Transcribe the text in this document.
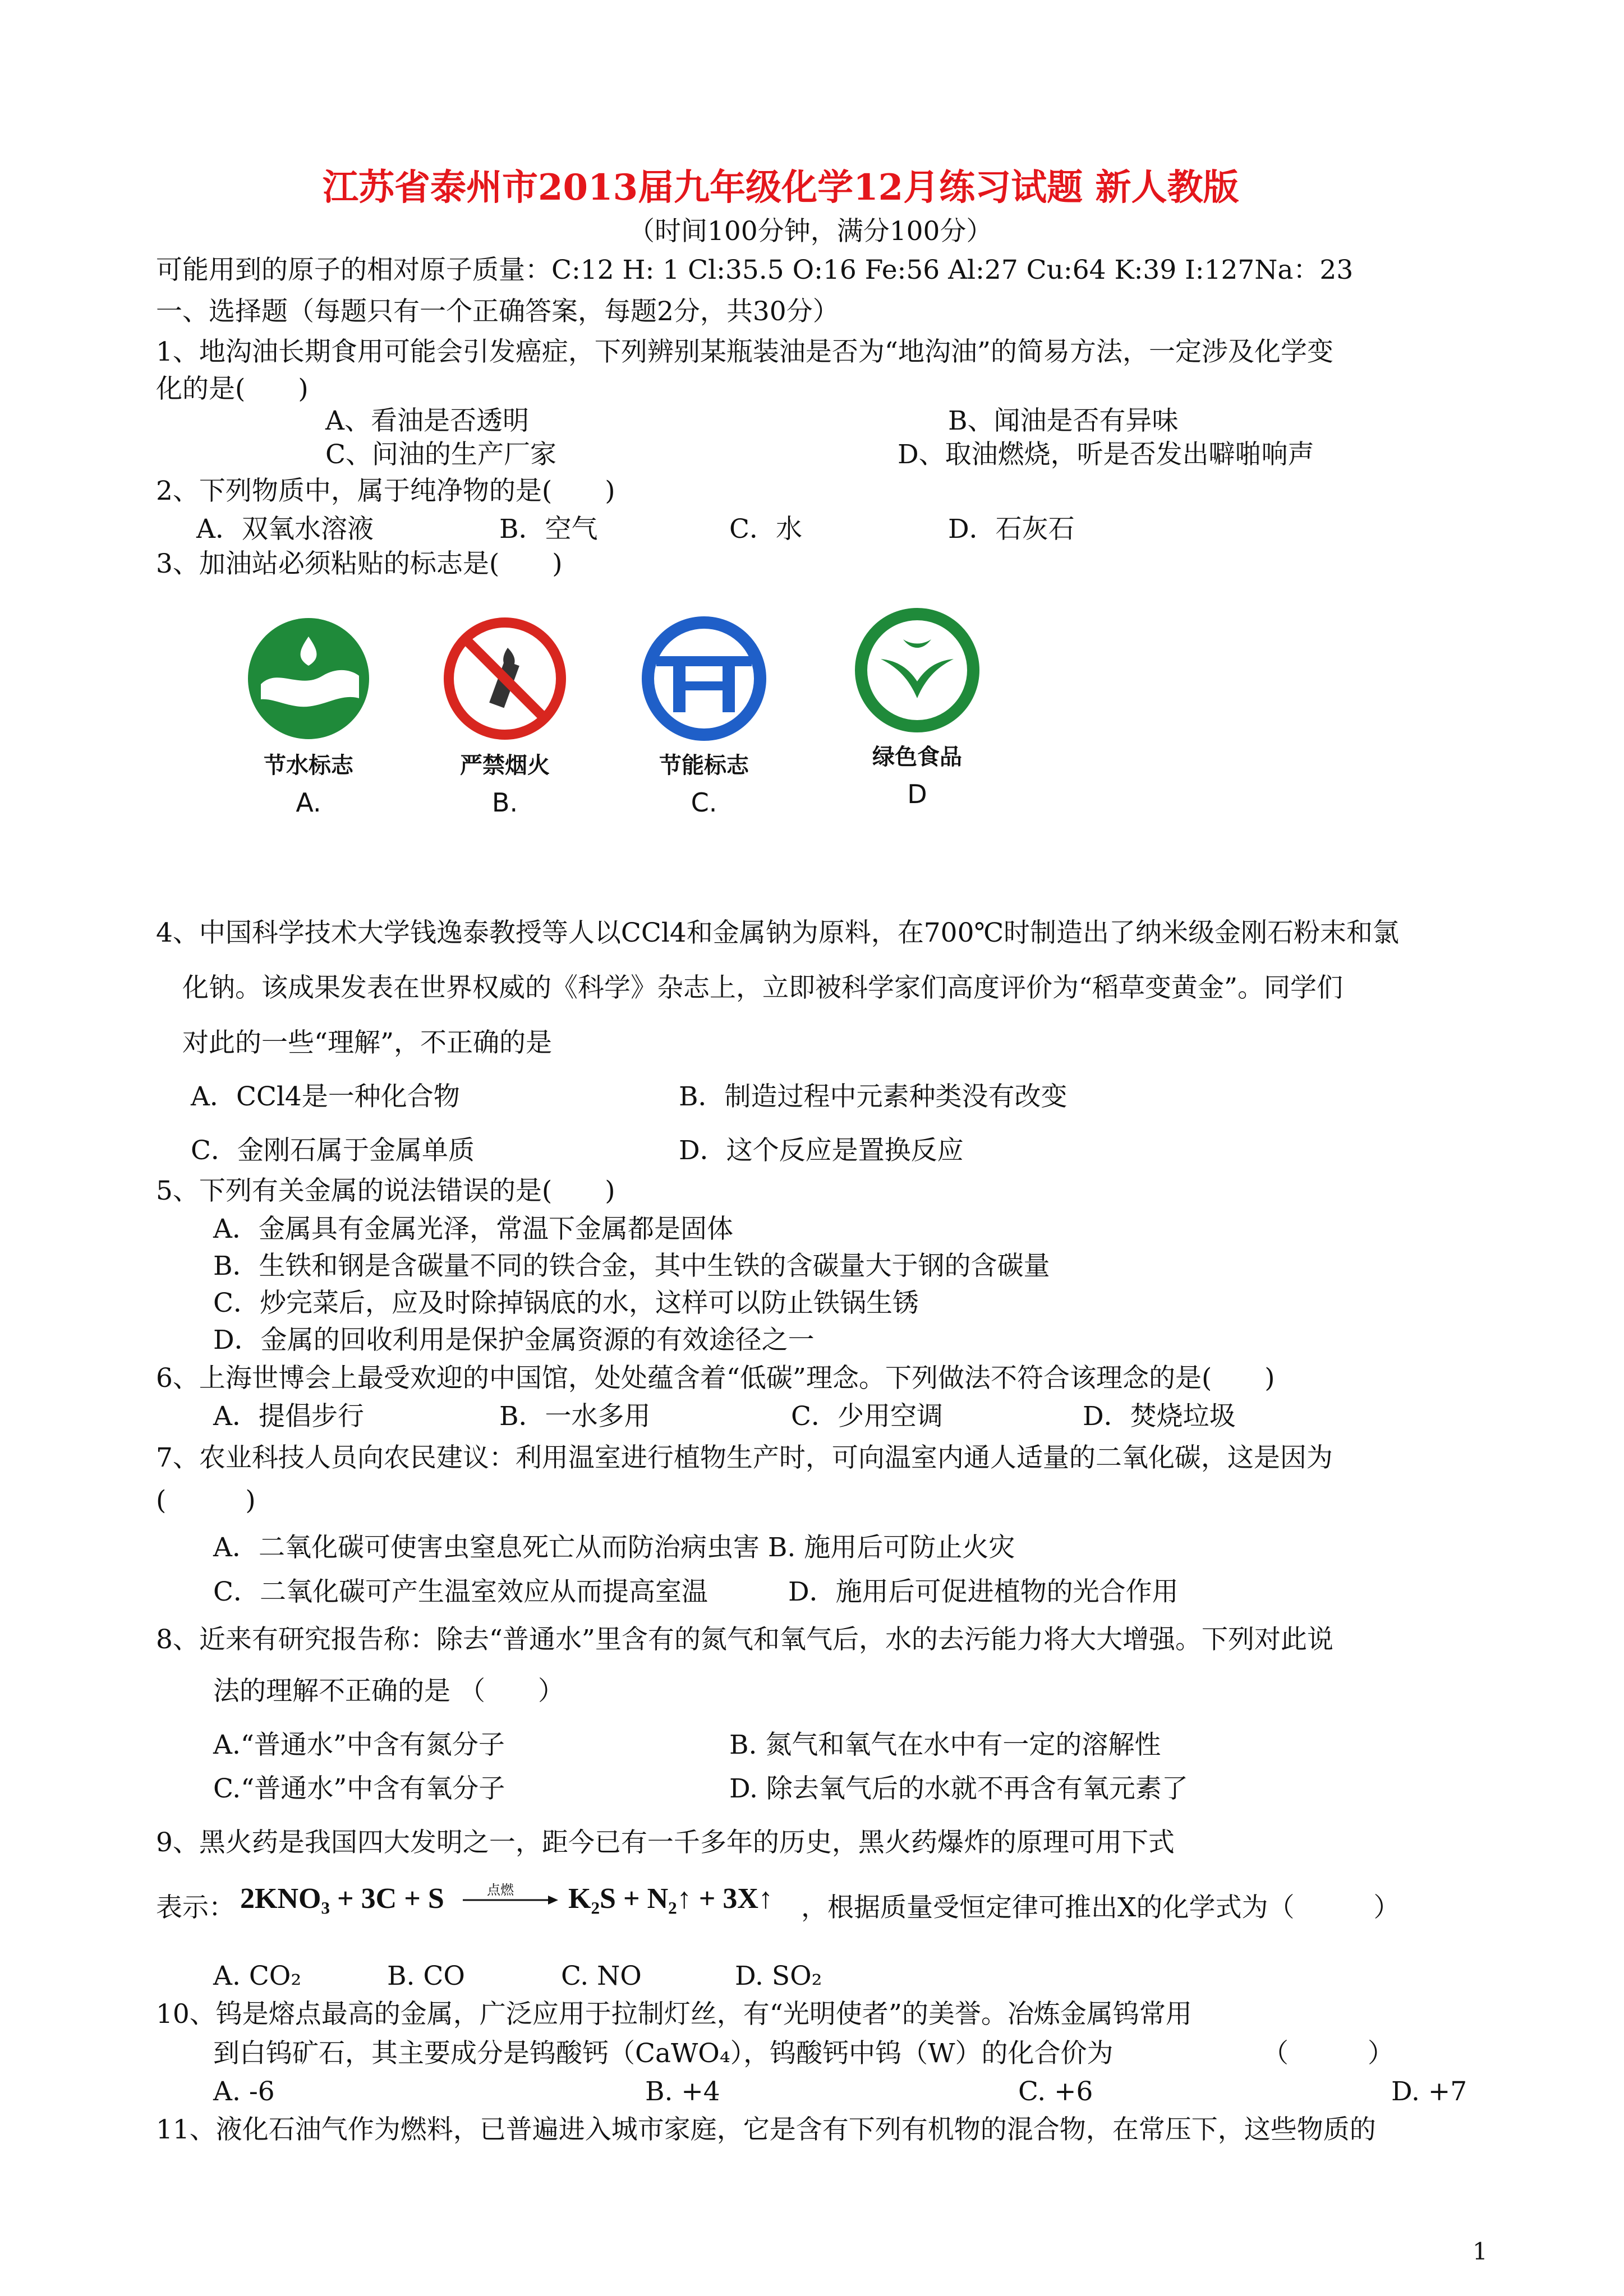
江苏省泰州市2013届九年级化学12月练习试题 新人教版
（时间100分钟，满分100分）
可能用到的原子的相对原子质量：C:12 H: 1 Cl:35.5 O:16 Fe:56 Al:27 Cu:64 K:39 I:127Na：23
一、选择题（每题只有一个正确答案，每题2分，共30分）
1、地沟油长期食用可能会引发癌症，下列辨别某瓶装油是否为“地沟油”的简易方法，一定涉及化学变
化的是(　　)
A、看油是否透明	B、闻油是否有异味
C、问油的生产厂家	D、取油燃烧，听是否发出噼啪响声
2、下列物质中，属于纯净物的是(　　)
A．双氧水溶液	B．空气	C．水	D．石灰石
3、加油站必须粘贴的标志是(　　)
节水标志
A.
严禁烟火
B.
节能标志
C.
绿色食品
D
4、中国科学技术大学钱逸泰教授等人以CCl4和金属钠为原料，在700℃时制造出了纳米级金刚石粉末和氯
化钠。该成果发表在世界权威的《科学》杂志上，立即被科学家们高度评价为“稻草变黄金”。同学们
对此的一些“理解”，不正确的是
A．CCl4是一种化合物	B．制造过程中元素种类没有改变
C．金刚石属于金属单质	D．这个反应是置换反应
5、下列有关金属的说法错误的是(　　)
A．金属具有金属光泽，常温下金属都是固体
B．生铁和钢是含碳量不同的铁合金，其中生铁的含碳量大于钢的含碳量
C．炒完菜后，应及时除掉锅底的水，这样可以防止铁锅生锈
D．金属的回收利用是保护金属资源的有效途径之一
6、上海世博会上最受欢迎的中国馆，处处蕴含着“低碳”理念。下列做法不符合该理念的是(　　)
A．提倡步行	B．一水多用	C．少用空调	D．焚烧垃圾
7、农业科技人员向农民建议：利用温室进行植物生产时，可向温室内通人适量的二氧化碳，这是因为
(　　　)
A．二氧化碳可使害虫窒息死亡从而防治病虫害 B. 施用后可防止火灾
C．二氧化碳可产生温室效应从而提高室温	D．施用后可促进植物的光合作用
8、近来有研究报告称：除去“普通水”里含有的氮气和氧气后，水的去污能力将大大增强。下列对此说
法的理解不正确的是 （　　）
A.“普通水”中含有氮分子	B. 氮气和氧气在水中有一定的溶解性
C.“普通水”中含有氧分子	D. 除去氧气后的水就不再含有氧元素了
9、黑火药是我国四大发明之一，距今已有一千多年的历史，黑火药爆炸的原理可用下式
表示： 2KNO₃ + 3C + S	点燃 K₂S + N₂↑ + 3X↑ ，根据质量受恒定律可推出X的化学式为（　　　）
A. CO₂	B. CO	C. NO	D. SO₂
10、钨是熔点最高的金属，广泛应用于拉制灯丝，有“光明使者”的美誉。冶炼金属钨常用
到白钨矿石，其主要成分是钨酸钙（CaWO₄），钨酸钙中钨（W）的化合价为	（　　　）
A. -6	B. +4	C. +6	D. +7
11、液化石油气作为燃料，已普遍进入城市家庭，它是含有下列有机物的混合物，在常压下，这些物质的
1
